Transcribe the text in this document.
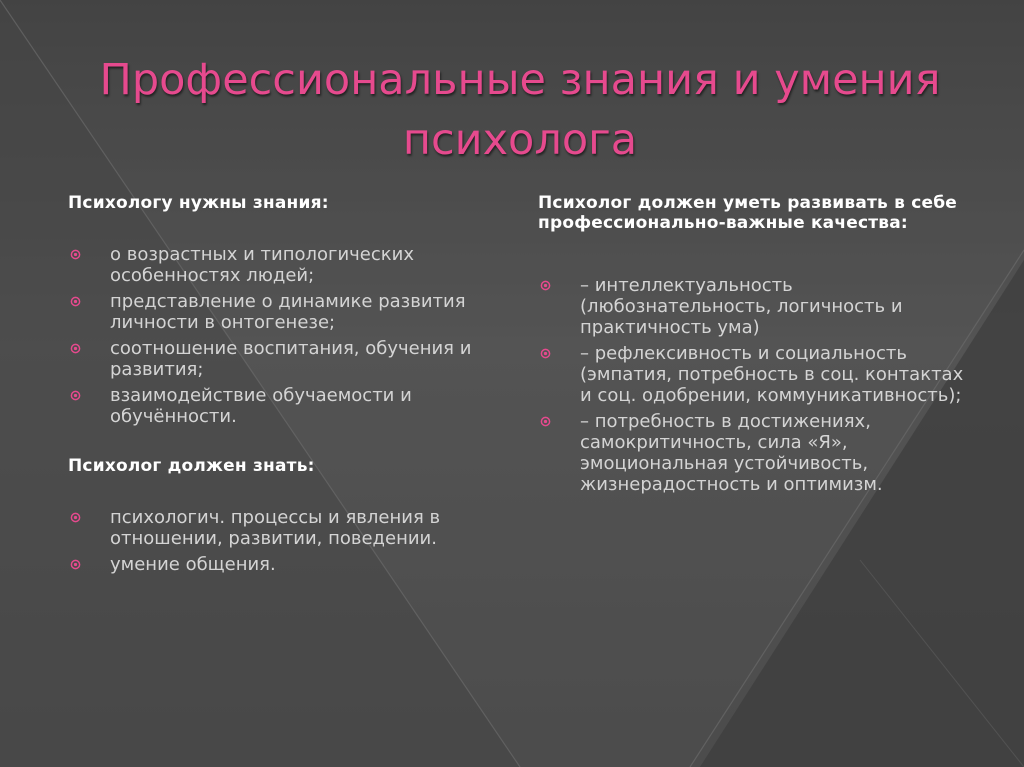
Профессиональные знания и умения психолога

Психологу нужны знания:

о возрастных и типологических особенностях людей;
представление о динамике развития личности в онтогенезе;
соотношение воспитания, обучения и развития;
взаимодействие обучаемости и обучённости.

Психолог должен знать:

психологич. процессы и явления в отношении, развитии, поведении.
умение общения.

Психолог должен уметь развивать в себе профессионально-важные качества:

– интеллектуальность (любознательность, логичность и практичность ума)
– рефлексивность и социальность (эмпатия, потребность в соц. контактах и соц. одобрении, коммуникативность);
– потребность в достижениях, самокритичность, сила «Я», эмоциональная устойчивость, жизнерадостность и оптимизм.
